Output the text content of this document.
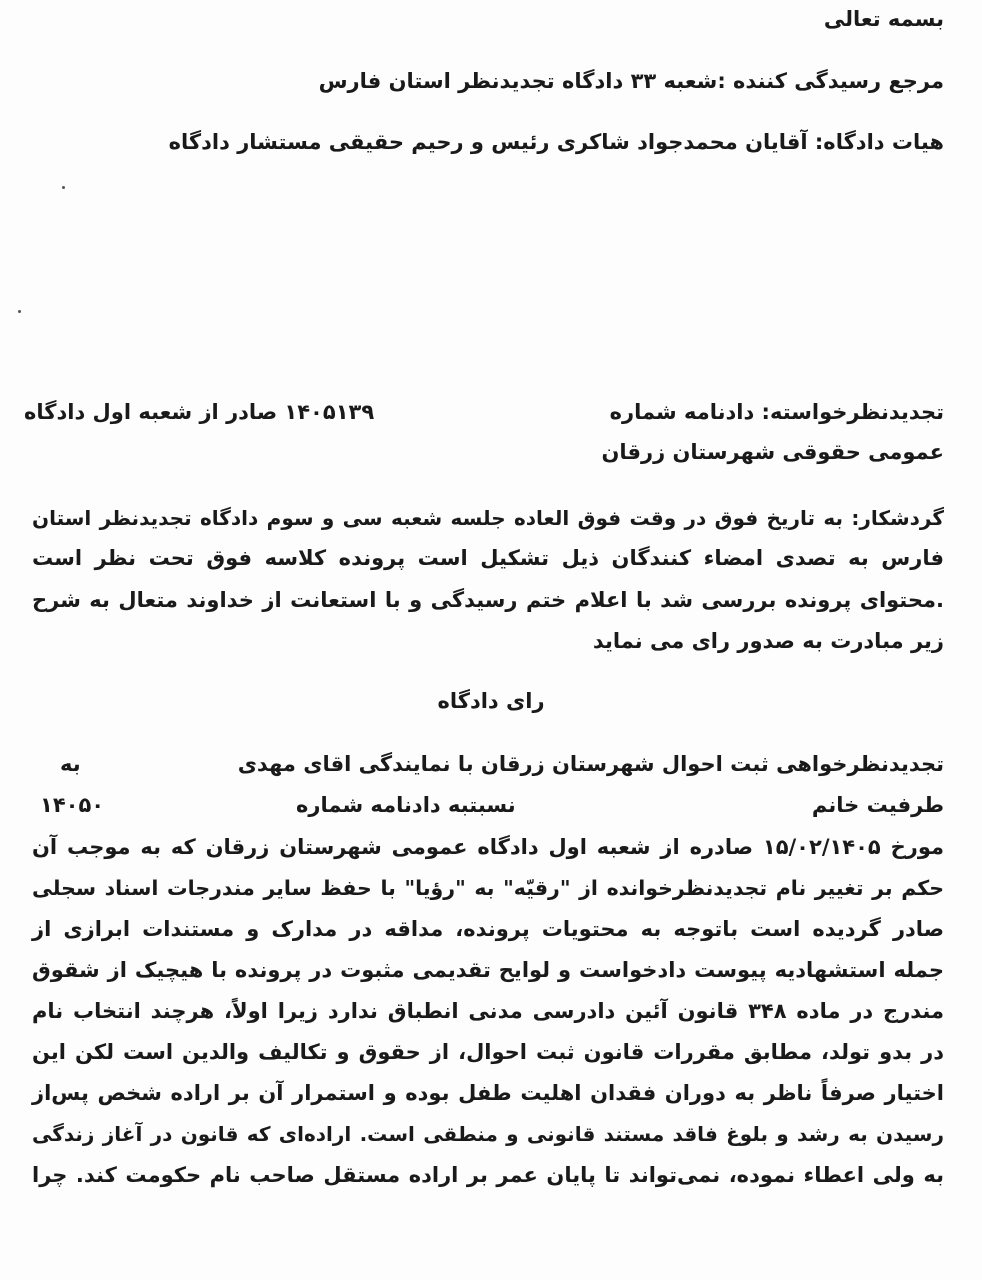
بسمه تعالی
مرجع رسیدگی کننده :شعبه ۳۳ دادگاه تجدیدنظر استان فارس
هیات دادگاه: آقایان محمدجواد شاکری رئیس و رحیم حقیقی مستشار دادگاه
تجدیدنظرخواسته: دادنامه شماره
۱۴۰۵۱۳۹ صادر از شعبه اول دادگاه
عمومی حقوقی شهرستان زرقان
گردشکار: به تاریخ فوق در وقت فوق العاده جلسه شعبه سی و سوم دادگاه تجدیدنظر استان
فارس به تصدی امضاء کنندگان ذیل تشکیل است پرونده کلاسه فوق تحت نظر است
.محتوای پرونده بررسی شد با اعلام ختم رسیدگی و با استعانت از خداوند متعال به شرح
زیر مبادرت به صدور رای می نماید
رای دادگاه
تجدیدنظرخواهی ثبت احوال شهرستان زرقان با نمایندگی اقای مهدی
به
طرفیت خانم
نسبتبه دادنامه شماره
۱۴۰۵۰
مورخ ۱۵/۰۲/۱۴۰۵ صادره از شعبه اول دادگاه عمومی شهرستان زرقان که به موجب آن
حکم بر تغییر نام تجدیدنظرخوانده از "رقیّه" به "رؤیا" با حفظ سایر مندرجات اسناد سجلی
صادر گردیده است باتوجه به محتویات پرونده، مداقه در مدارک و مستندات ابرازی از
جمله استشهادیه پیوست دادخواست و لوایح تقدیمی مثبوت در پرونده با هیچیک از شقوق
مندرج در ماده ۳۴۸ قانون آئین دادرسی مدنی انطباق ندارد زیرا اولاً، هرچند انتخاب نام
در بدو تولد، مطابق مقررات قانون ثبت احوال، از حقوق و تکالیف والدین است لکن این
اختیار صرفاً ناظر به دوران فقدان اهلیت طفل بوده و استمرار آن بر اراده شخص پس‌از
رسیدن به رشد و بلوغ فاقد مستند قانونی و منطقی است. اراده‌ای که قانون در آغاز زندگی
به ولی اعطاء نموده، نمی‌تواند تا پایان عمر بر اراده مستقل صاحب نام حکومت کند. چرا
